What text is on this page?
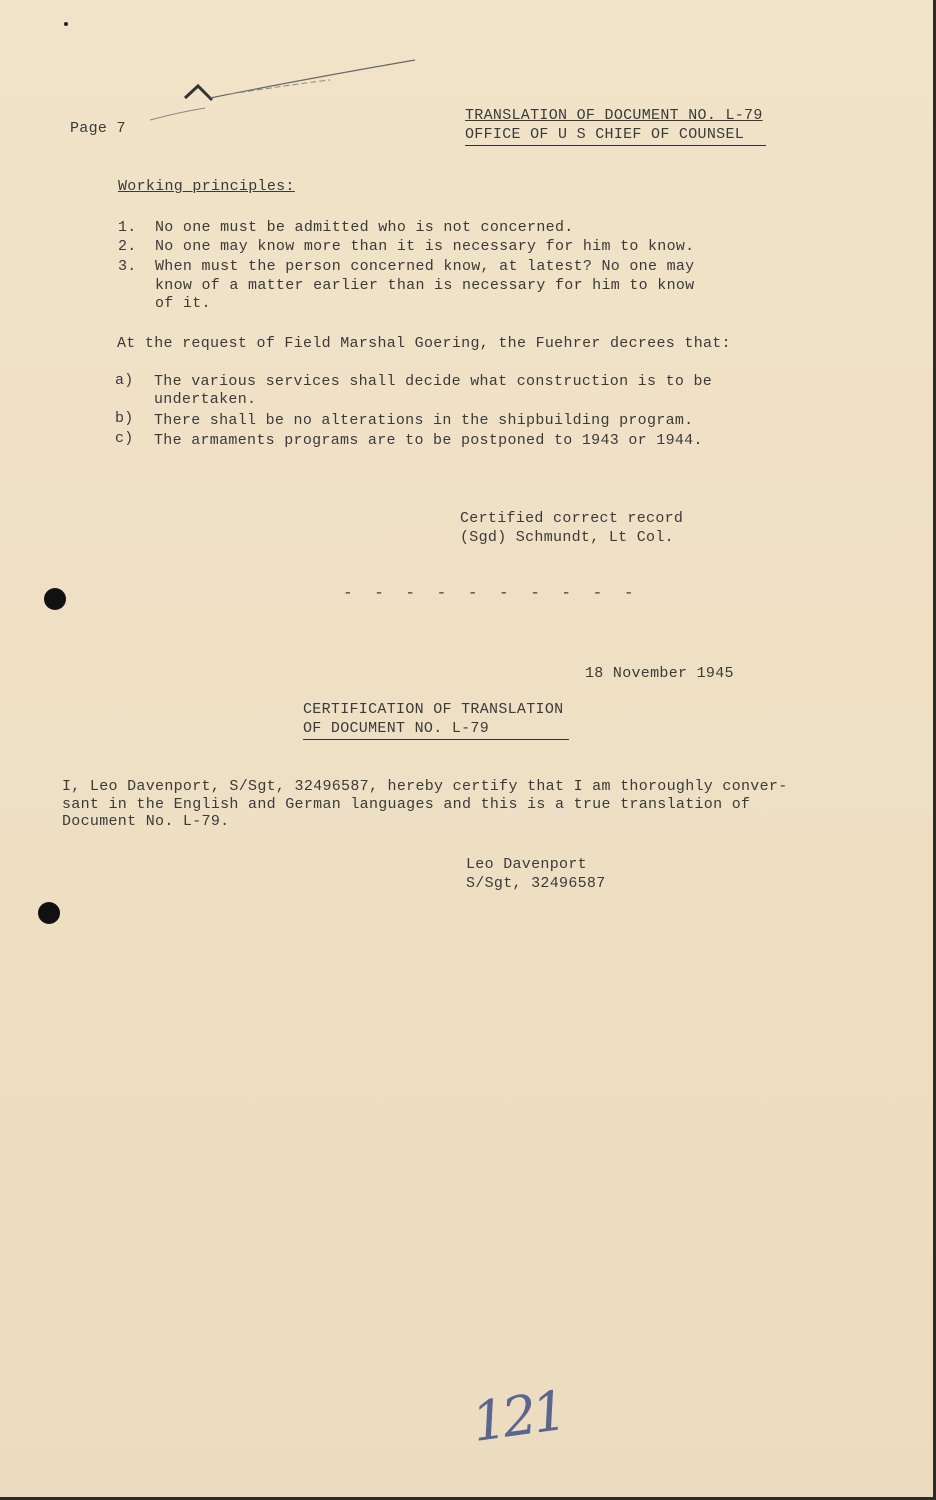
Page 7
TRANSLATION OF DOCUMENT NO. L-79
OFFICE OF U S CHIEF OF COUNSEL
Working principles:
1. No one must be admitted who is not concerned.
2. No one may know more than it is necessary for him to know.
3. When must the person concerned know, at latest? No one may
know of a matter earlier than is necessary for him to know
of it.
At the request of Field Marshal Goering, the Fuehrer decrees that:
a) The various services shall decide what construction is to be
undertaken.
b) There shall be no alterations in the shipbuilding program.
c) The armaments programs are to be postponed to 1943 or 1944.
Certified correct record
(Sgd) Schmundt, Lt Col.
- - - - - - - - - -
18 November 1945
CERTIFICATION OF TRANSLATION
OF DOCUMENT NO. L-79
I, Leo Davenport, S/Sgt, 32496587, hereby certify that I am thoroughly conver-
sant in the English and German languages and this is a true translation of
Document No. L-79.
Leo Davenport
S/Sgt, 32496587
121
